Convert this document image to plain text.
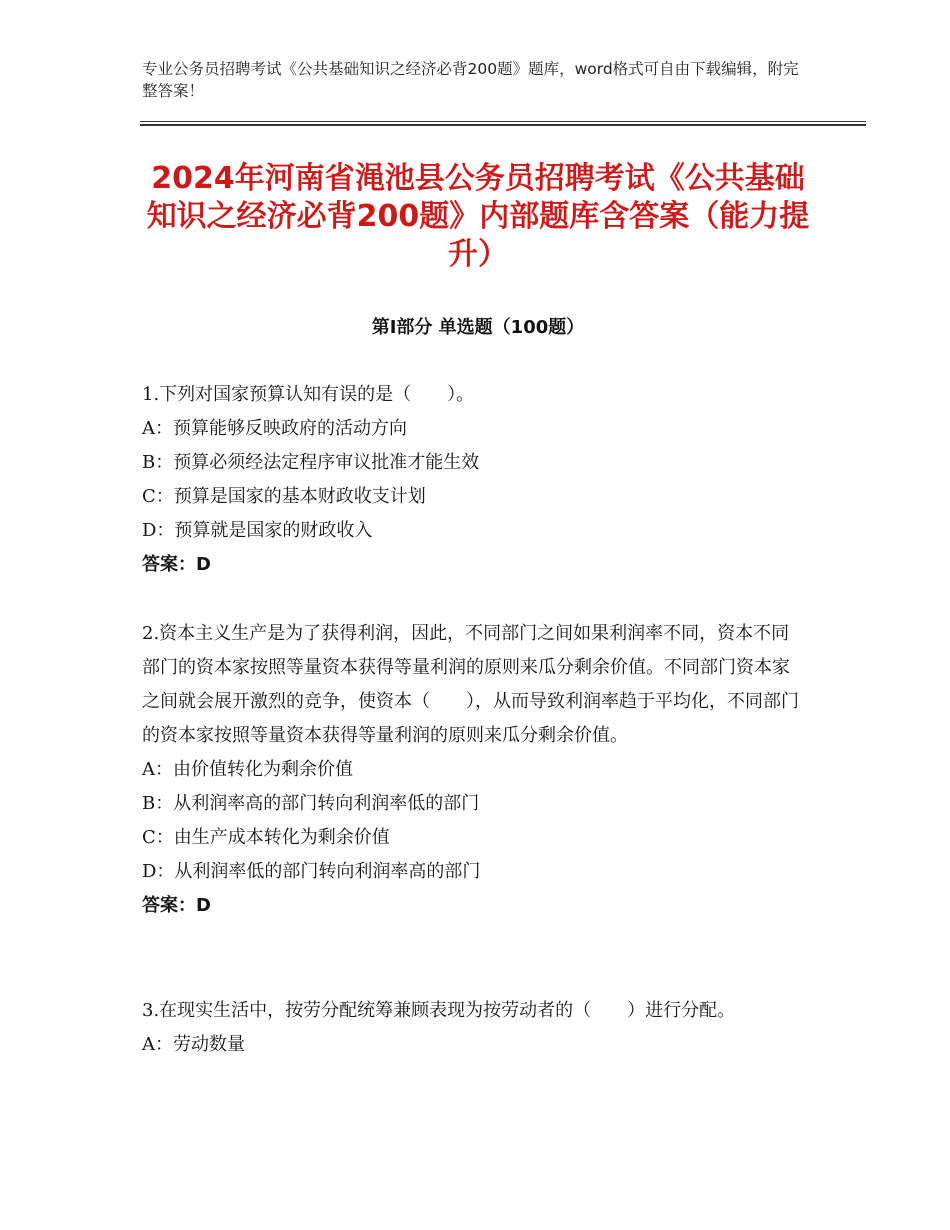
专业公务员招聘考试《公共基础知识之经济必背200题》题库，word格式可自由下载编辑，附完整答案！
2024年河南省渑池县公务员招聘考试《公共基础知识之经济必背200题》内部题库含答案（能力提升）
第I部分 单选题（100题）
1.下列对国家预算认知有误的是（　　）。
A：预算能够反映政府的活动方向
B：预算必须经法定程序审议批准才能生效
C：预算是国家的基本财政收支计划
D：预算就是国家的财政收入
答案：D
2.资本主义生产是为了获得利润，因此，不同部门之间如果利润率不同，资本不同部门的资本家按照等量资本获得等量利润的原则来瓜分剩余价值。不同部门资本家之间就会展开激烈的竞争，使资本（　　），从而导致利润率趋于平均化，不同部门的资本家按照等量资本获得等量利润的原则来瓜分剩余价值。
A：由价值转化为剩余价值
B：从利润率高的部门转向利润率低的部门
C：由生产成本转化为剩余价值
D：从利润率低的部门转向利润率高的部门
答案：D
3.在现实生活中，按劳分配统筹兼顾表现为按劳动者的（　　）进行分配。
A：劳动数量
